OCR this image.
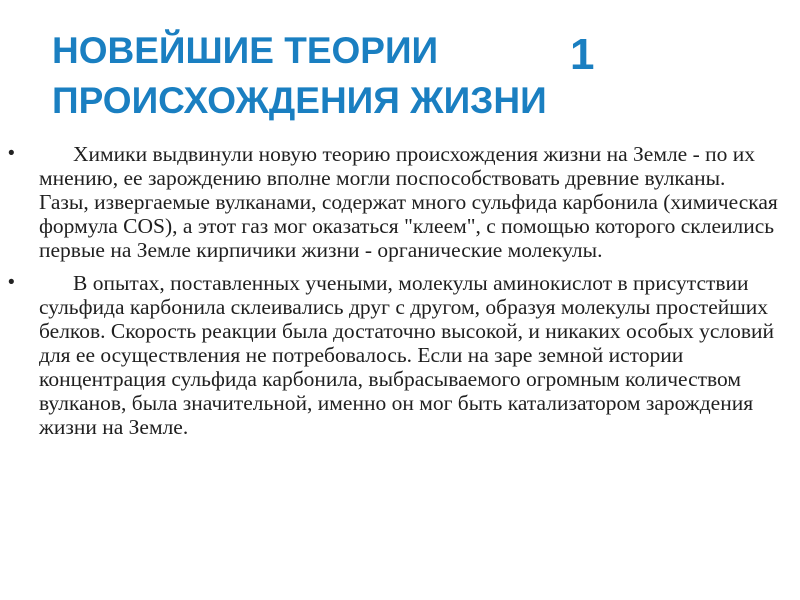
НОВЕЙШИЕ ТЕОРИИ
ПРОИСХОЖДЕНИЯ ЖИЗНИ
1
•	Химики выдвинули новую теорию происхождения жизни на Земле - по их мнению, ее зарождению вполне могли поспособствовать древние вулканы. Газы, извергаемые вулканами, содержат много сульфида карбонила (химическая формула COS), а этот газ мог оказаться "клеем", с помощью которого склеились первые на Земле кирпичики жизни - органические молекулы.

•	В опытах, поставленных учеными, молекулы аминокислот в присутствии сульфида карбонила склеивались друг с другом, образуя молекулы простейших белков. Скорость реакции была достаточно высокой, и никаких особых условий для ее осуществления не потребовалось. Если на заре земной истории концентрация сульфида карбонила, выбрасываемого огромным количеством вулканов, была значительной, именно он мог быть катализатором зарождения жизни на Земле.
